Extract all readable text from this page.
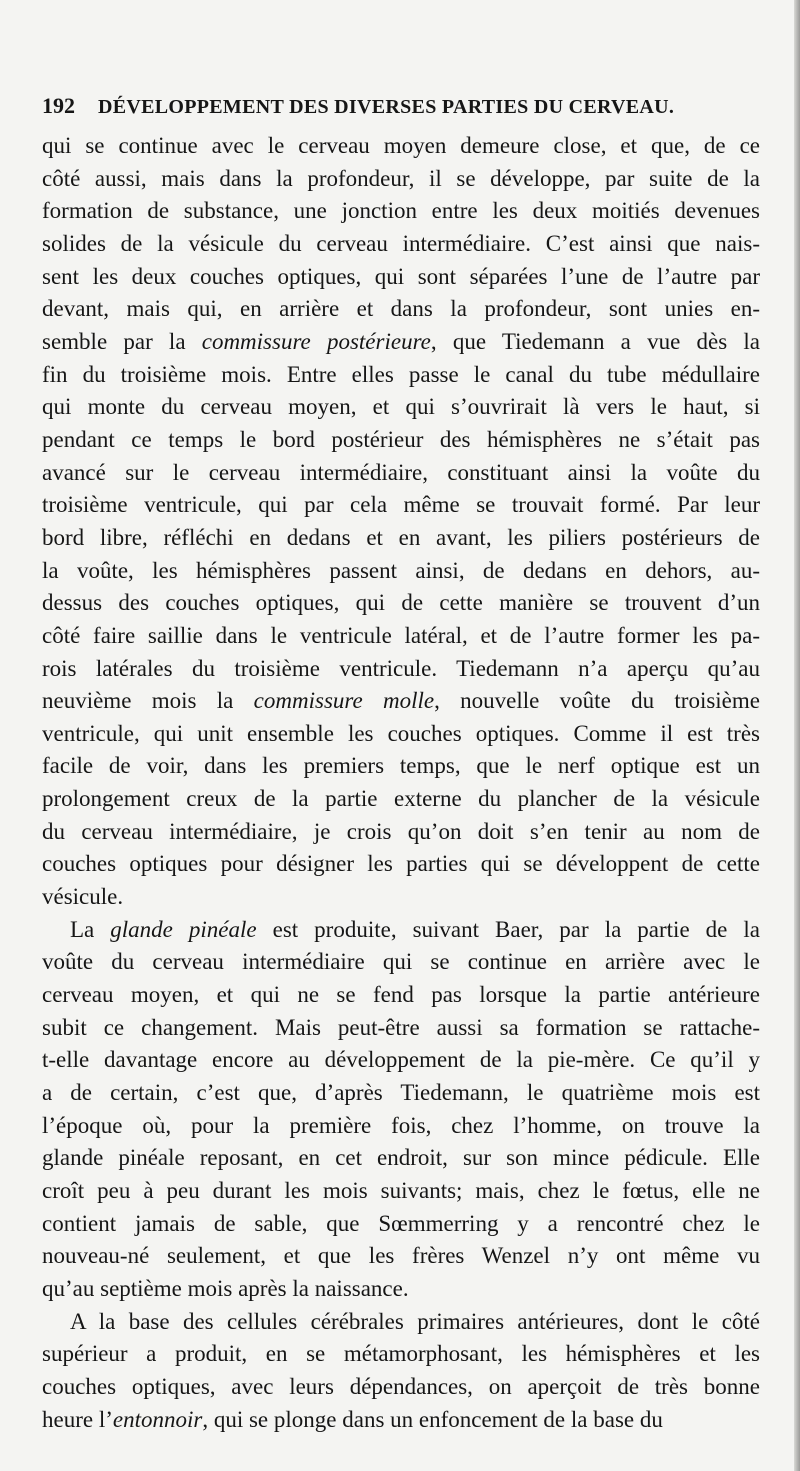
192 DÉVELOPPEMENT DES DIVERSES PARTIES DU CERVEAU.
qui se continue avec le cerveau moyen demeure close, et que, de ce
côté aussi, mais dans la profondeur, il se développe, par suite de la
formation de substance, une jonction entre les deux moitiés devenues
solides de la vésicule du cerveau intermédiaire. C’est ainsi que nais-
sent les deux couches optiques, qui sont séparées l’une de l’autre par
devant, mais qui, en arrière et dans la profondeur, sont unies en-
semble par la commissure postérieure, que Tiedemann a vue dès la
fin du troisième mois. Entre elles passe le canal du tube médullaire
qui monte du cerveau moyen, et qui s’ouvrirait là vers le haut, si
pendant ce temps le bord postérieur des hémisphères ne s’était pas
avancé sur le cerveau intermédiaire, constituant ainsi la voûte du
troisième ventricule, qui par cela même se trouvait formé. Par leur
bord libre, réfléchi en dedans et en avant, les piliers postérieurs de
la voûte, les hémisphères passent ainsi, de dedans en dehors, au-
dessus des couches optiques, qui de cette manière se trouvent d’un
côté faire saillie dans le ventricule latéral, et de l’autre former les pa-
rois latérales du troisième ventricule. Tiedemann n’a aperçu qu’au
neuvième mois la commissure molle, nouvelle voûte du troisième
ventricule, qui unit ensemble les couches optiques. Comme il est très
facile de voir, dans les premiers temps, que le nerf optique est un
prolongement creux de la partie externe du plancher de la vésicule
du cerveau intermédiaire, je crois qu’on doit s’en tenir au nom de
couches optiques pour désigner les parties qui se développent de cette
vésicule.
La glande pinéale est produite, suivant Baer, par la partie de la
voûte du cerveau intermédiaire qui se continue en arrière avec le
cerveau moyen, et qui ne se fend pas lorsque la partie antérieure
subit ce changement. Mais peut-être aussi sa formation se rattache-
t-elle davantage encore au développement de la pie-mère. Ce qu’il y
a de certain, c’est que, d’après Tiedemann, le quatrième mois est
l’époque où, pour la première fois, chez l’homme, on trouve la
glande pinéale reposant, en cet endroit, sur son mince pédicule. Elle
croît peu à peu durant les mois suivants; mais, chez le fœtus, elle ne
contient jamais de sable, que Sœmmerring y a rencontré chez le
nouveau-né seulement, et que les frères Wenzel n’y ont même vu
qu’au septième mois après la naissance.
A la base des cellules cérébrales primaires antérieures, dont le côté
supérieur a produit, en se métamorphosant, les hémisphères et les
couches optiques, avec leurs dépendances, on aperçoit de très bonne
heure l’entonnoir, qui se plonge dans un enfoncement de la base du
